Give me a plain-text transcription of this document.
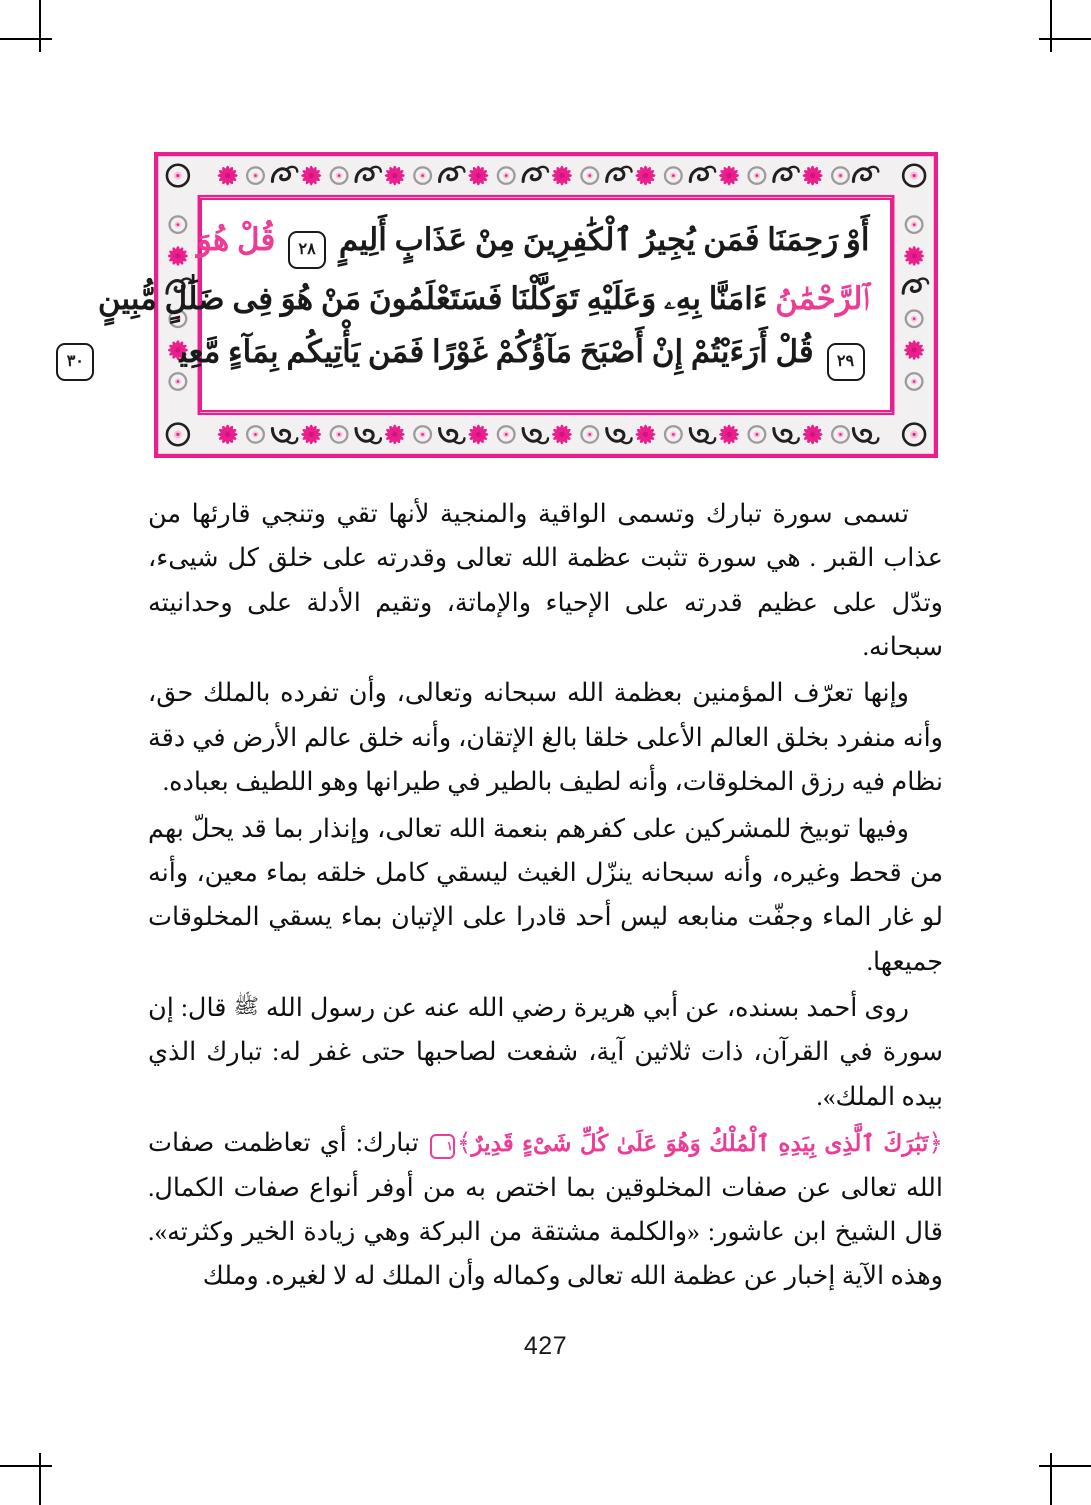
أَوْ رَحِمَنَا فَمَن يُجِيرُ ٱلْكَٰفِرِينَ مِنْ عَذَابٍ أَلِيمٍ ٢٨ قُلْ هُوَ
ٱلرَّحْمَٰنُ ءَامَنَّا بِهِۦ وَعَلَيْهِ تَوَكَّلْنَا فَسَتَعْلَمُونَ مَنْ هُوَ فِى ضَلَٰلٍ مُّبِينٍ
٢٩ قُلْ أَرَءَيْتُمْ إِنْ أَصْبَحَ مَآؤُكُمْ غَوْرًا فَمَن يَأْتِيكُم بِمَآءٍ مَّعِينٍۭ ٣٠

تسمى سورة تبارك وتسمى الواقية والمنجية لأنها تقي وتنجي قارئها من عذاب القبر . هي سورة تثبت عظمة الله تعالى وقدرته على خلق كل شيىء، وتدّل على عظيم قدرته على الإحياء والإماتة، وتقيم الأدلة على وحدانيته سبحانه.

وإنها تعرّف المؤمنين بعظمة الله سبحانه وتعالى، وأن تفرده بالملك حق، وأنه منفرد بخلق العالم الأعلى خلقا بالغ الإتقان، وأنه خلق عالم الأرض في دقة نظام فيه رزق المخلوقات، وأنه لطيف بالطير في طيرانها وهو اللطيف بعباده.

وفيها توبيخ للمشركين على كفرهم بنعمة الله تعالى، وإنذار بما قد يحلّ بهم من قحط وغيره، وأنه سبحانه ينزّل الغيث ليسقي كامل خلقه بماء معين، وأنه لو غار الماء وجفّت منابعه ليس أحد قادرا على الإتيان بماء يسقي المخلوقات جميعها.

روى أحمد بسنده، عن أبي هريرة رضي الله عنه عن رسول الله ﷺ قال: إن سورة في القرآن، ذات ثلاثين آية، شفعت لصاحبها حتى غفر له: تبارك الذي بيده الملك».

﴿تَبَٰرَكَ ٱلَّذِى بِيَدِهِ ٱلْمُلْكُ وَهُوَ عَلَىٰ كُلِّ شَىْءٍ قَدِيرٌ﴾١ تبارك: أي تعاظمت صفات الله تعالى عن صفات المخلوقين بما اختص به من أوفر أنواع صفات الكمال. قال الشيخ ابن عاشور: «والكلمة مشتقة من البركة وهي زيادة الخير وكثرته». وهذه الآية إخبار عن عظمة الله تعالى وكماله وأن الملك له لا لغيره. وملك

427
